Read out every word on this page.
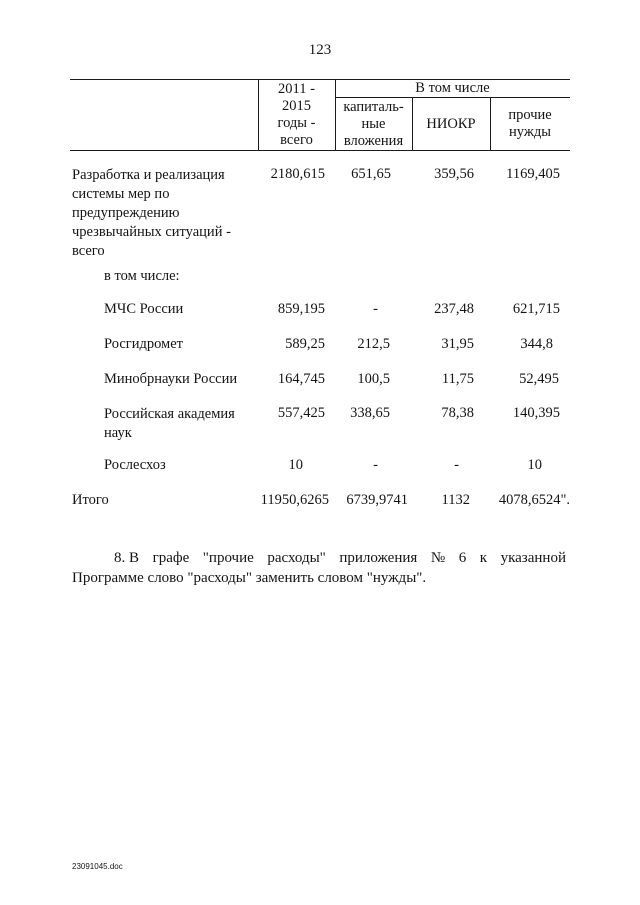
123
2011 -
2015
годы -
всего
В том числе
капиталь-
ные
вложения
НИОКР
прочие
нужды
Разработка и реализация
системы мер по
предупреждению
чрезвычайных ситуаций -
всего
2180,615 651,65	359,56 1169,405
в том числе:
МЧС России	859,195	-	237,48	621,715
Росгидромет	589,25 212,5	31,95	344,8
Минобрнауки России	164,745 100,5	11,75	52,495
Российская академия
наук
557,425 338,65	78,38	140,395
Рослесхоз	10	-	-	10
Итого	11950,6265 6739,9741 1132 4078,6524".
8. В графе "прочие расходы" приложения № 6 к указанной
Программе слово "расходы" заменить словом "нужды".
23091045.doc
